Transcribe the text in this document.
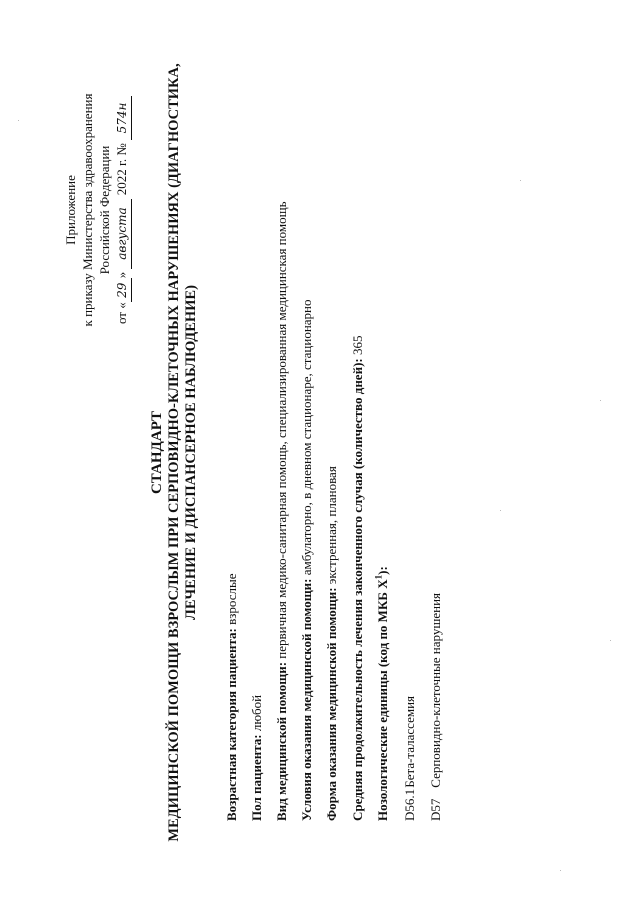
Приложение к приказу Министерства здравоохранения Российской Федерации
от «29» августа 2022 г. № 574н
СТАНДАРТ МЕДИЦИНСКОЙ ПОМОЩИ ВЗРОСЛЫМ ПРИ СЕРПОВИДНО-КЛЕТОЧНЫХ НАРУШЕНИЯХ (ДИАГНОСТИКА, ЛЕЧЕНИЕ И ДИСПАНСЕРНОЕ НАБЛЮДЕНИЕ)
Возрастная категория пациента: взрослые
Пол пациента: любой Вид медицинской помощи: первичная медико-санитарная помощь, специализированная медицинская помощь
Условия оказания медицинской помощи: амбулаторно, в дневном стационаре, стационарно
Форма оказания медицинской помощи: экстренная, плановая Средняя продолжительность лечения законченного случая (количество дней): 365
Нозологические единицы (код по МКБ $X^1$):
D56.1 Бета-талассемия
D57 Серповидно-клеточные нарушения
